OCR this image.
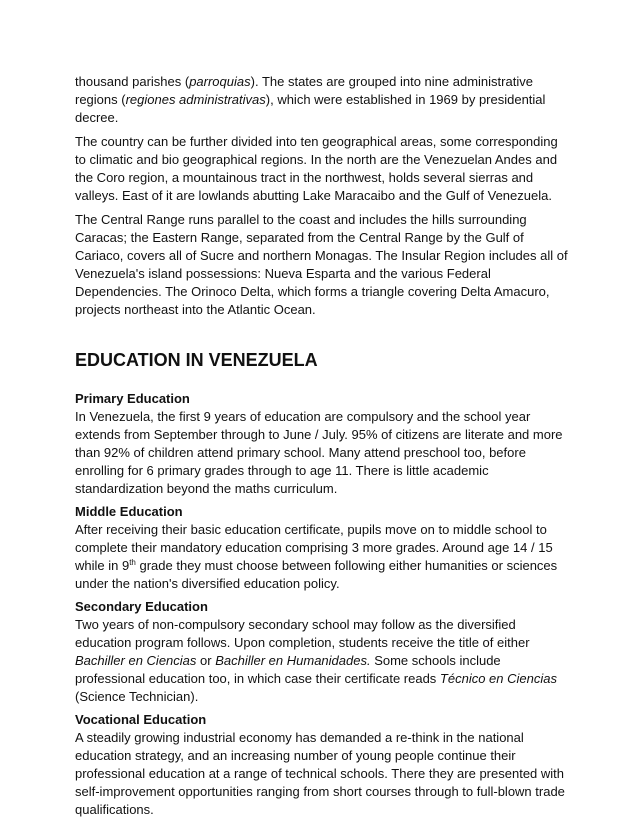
thousand parishes (parroquias). The states are grouped into nine administrative regions (regiones administrativas), which were established in 1969 by presidential decree.

The country can be further divided into ten geographical areas, some corresponding to climatic and bio geographical regions. In the north are the Venezuelan Andes and the Coro region, a mountainous tract in the northwest, holds several sierras and valleys. East of it are lowlands abutting Lake Maracaibo and the Gulf of Venezuela.

The Central Range runs parallel to the coast and includes the hills surrounding Caracas; the Eastern Range, separated from the Central Range by the Gulf of Cariaco, covers all of Sucre and northern Monagas. The Insular Region includes all of Venezuela's island possessions: Nueva Esparta and the various Federal Dependencies. The Orinoco Delta, which forms a triangle covering Delta Amacuro, projects northeast into the Atlantic Ocean.

EDUCATION IN VENEZUELA

Primary Education

In Venezuela, the first 9 years of education are compulsory and the school year extends from September through to June / July. 95% of citizens are literate and more than 92% of children attend primary school. Many attend preschool too, before enrolling for 6 primary grades through to age 11. There is little academic standardization beyond the maths curriculum.

Middle Education

After receiving their basic education certificate, pupils move on to middle school to complete their mandatory education comprising 3 more grades. Around age 14 / 15 while in 9th grade they must choose between following either humanities or sciences under the nation's diversified education policy.

Secondary Education

Two years of non-compulsory secondary school may follow as the diversified education program follows. Upon completion, students receive the title of either Bachiller en Ciencias or Bachiller en Humanidades. Some schools include professional education too, in which case their certificate reads Técnico en Ciencias (Science Technician).

Vocational Education

A steadily growing industrial economy has demanded a re-think in the national education strategy, and an increasing number of young people continue their professional education at a range of technical schools. There they are presented with self-improvement opportunities ranging from short courses through to full-blown trade qualifications.
